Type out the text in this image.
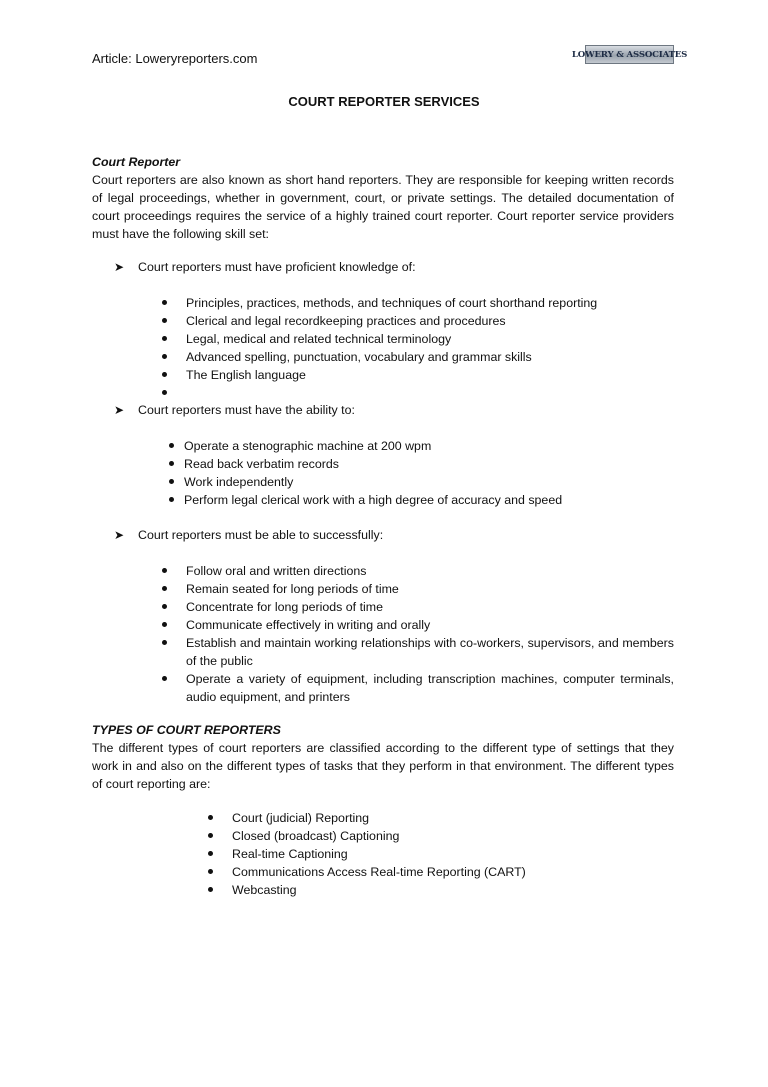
Article: Loweryreporters.com	LOWERY & ASSOCIATES
COURT REPORTER SERVICES
Court Reporter
Court reporters are also known as short hand reporters. They are responsible for keeping written records of legal proceedings, whether in government, court, or private settings. The detailed documentation of court proceedings requires the service of a highly trained court reporter. Court reporter service providers must have the following skill set:
➤ Court reporters must have proficient knowledge of:
Principles, practices, methods, and techniques of court shorthand reporting
Clerical and legal recordkeeping practices and procedures
Legal, medical and related technical terminology
Advanced spelling, punctuation, vocabulary and grammar skills
The English language
➤ Court reporters must have the ability to:
Operate a stenographic machine at 200 wpm
Read back verbatim records
Work independently
Perform legal clerical work with a high degree of accuracy and speed
➤ Court reporters must be able to successfully:
Follow oral and written directions
Remain seated for long periods of time
Concentrate for long periods of time
Communicate effectively in writing and orally
Establish and maintain working relationships with co-workers, supervisors, and members of the public
Operate a variety of equipment, including transcription machines, computer terminals, audio equipment, and printers
TYPES OF COURT REPORTERS
The different types of court reporters are classified according to the different type of settings that they work in and also on the different types of tasks that they perform in that environment. The different types of court reporting are:
Court (judicial) Reporting
Closed (broadcast) Captioning
Real-time Captioning
Communications Access Real-time Reporting (CART)
Webcasting
